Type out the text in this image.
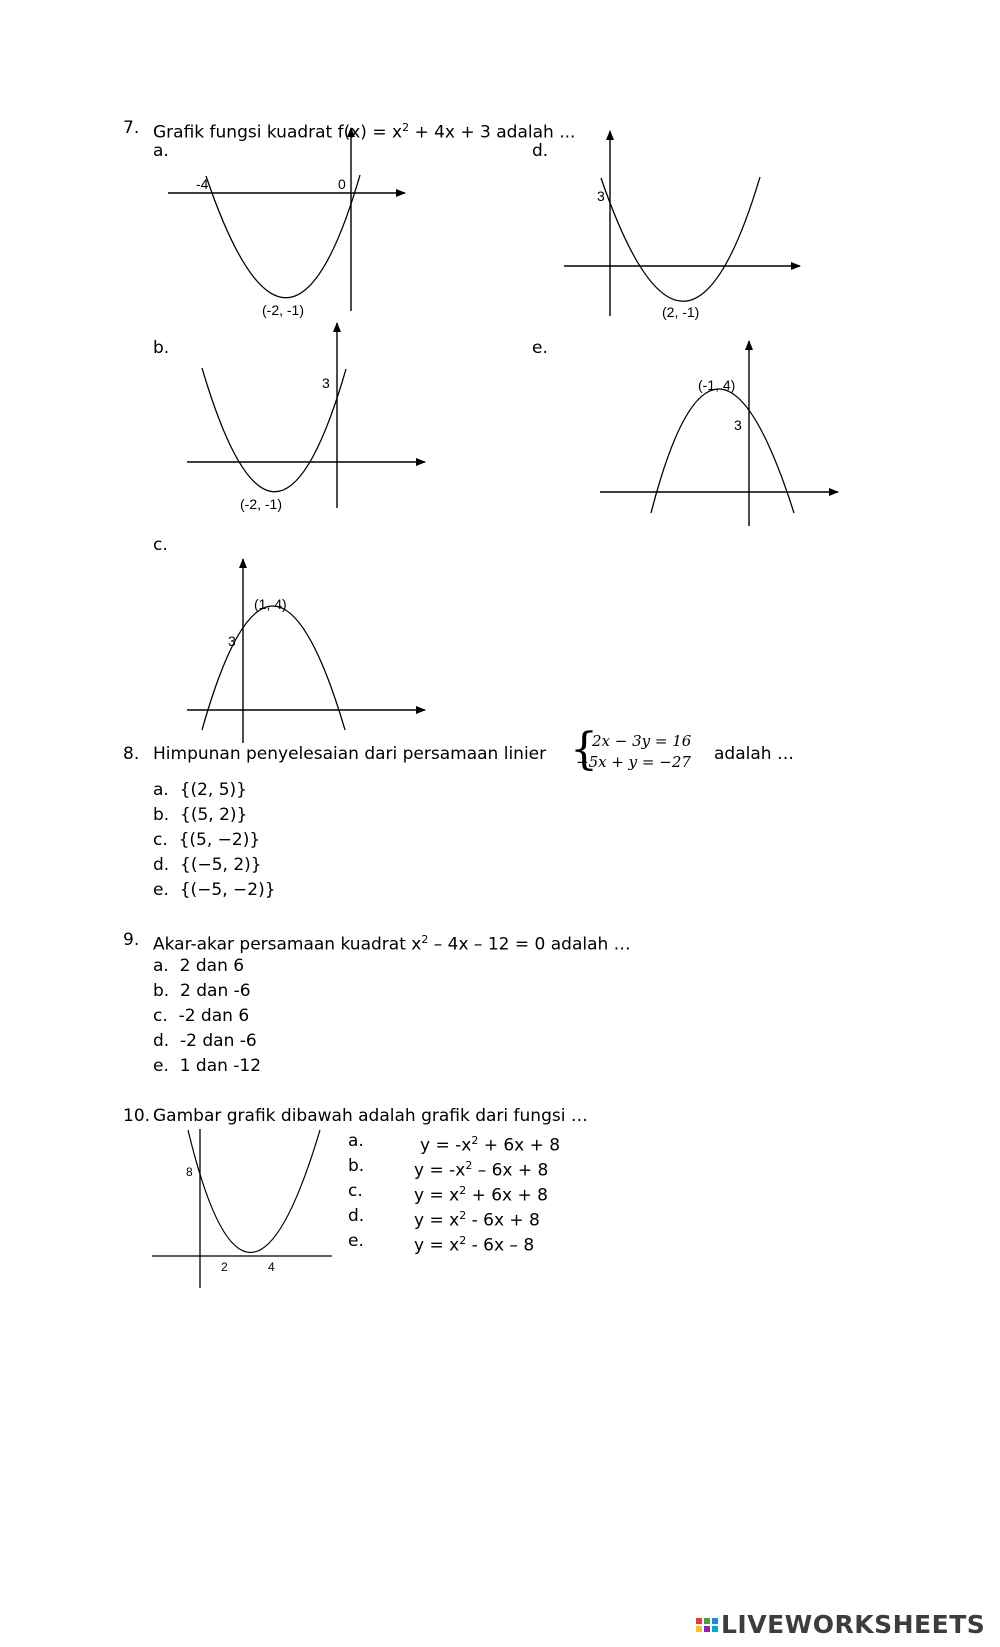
7. Grafik fungsi kuadrat $f(x) = x^2 + 4x + 3$ adalah ...
a.	d.
b.	e.
c.
-4	0
(-2, -1)
3
(2, -1)
3
(-2, -1)
(-1, 4)
3
(1, 4)
3
8. Himpunan penyelesaian dari persamaan linier {
2x − 3y = 16
−5x + y = −27 adalah …
a. {(2, 5)}
b. {(5, 2)}
c. {(5, −2)}
d. {(−5, 2)}
e. {(−5, −2)}
9. Akar-akar persamaan kuadrat $x^2 - 4x - 12 = 0$ adalah …
a. 2 dan 6
b. 2 dan -6
c. -2 dan 6
d. -2 dan -6
e. 1 dan -12
10. Gambar grafik dibawah adalah grafik dari fungsi …
8
2	4
a.	$y = -x^2 + 6x + 8$
b.	$y = -x^2 - 6x + 8$
c.	$y = x^2 + 6x + 8$
d.	$y = x^2 - 6x + 8$
e.	$y = x^2 - 6x - 8$
LIVEWORKSHEETS
